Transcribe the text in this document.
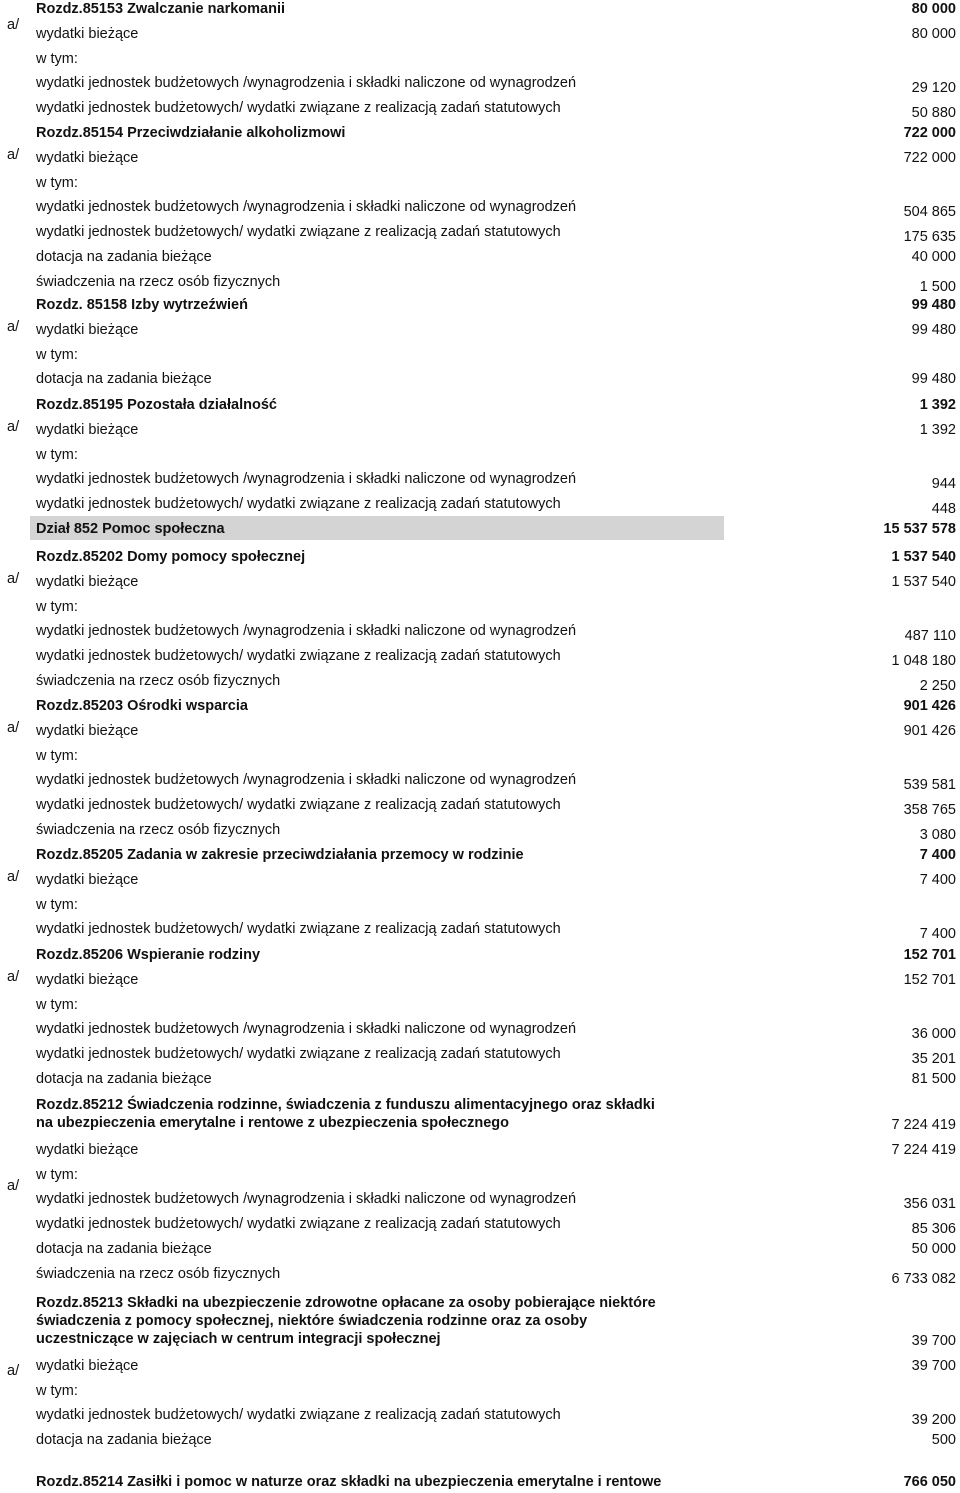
Rozdz.85153 Zwalczanie narkomanii	80 000
wydatki bieżące	80 000
w tym:
wydatki jednostek budżetowych /wynagrodzenia i składki naliczone od wynagrodzeń	29 120
wydatki jednostek budżetowych/ wydatki związane z realizacją zadań statutowych	50 880
a/
Rozdz.85154 Przeciwdziałanie alkoholizmowi	722 000
wydatki bieżące	722 000
w tym:
wydatki jednostek budżetowych /wynagrodzenia i składki naliczone od wynagrodzeń	504 865
wydatki jednostek budżetowych/ wydatki związane z realizacją zadań statutowych	175 635
dotacja na zadania bieżące	40 000
świadczenia na rzecz osób fizycznych	1 500
a/
Rozdz. 85158 Izby wytrzeźwień	99 480
wydatki bieżące	99 480
w tym:
dotacja na zadania bieżące	99 480
a/
Rozdz.85195 Pozostała działalność	1 392
wydatki bieżące	1 392
w tym:
wydatki jednostek budżetowych /wynagrodzenia i składki naliczone od wynagrodzeń	944
wydatki jednostek budżetowych/ wydatki związane z realizacją zadań statutowych	448
a/
Dział 852 Pomoc społeczna	15 537 578
Rozdz.85202 Domy pomocy społecznej	1 537 540
wydatki bieżące	1 537 540
w tym:
wydatki jednostek budżetowych /wynagrodzenia i składki naliczone od wynagrodzeń	487 110
wydatki jednostek budżetowych/ wydatki związane z realizacją zadań statutowych	1 048 180
świadczenia na rzecz osób fizycznych	2 250
a/
Rozdz.85203 Ośrodki wsparcia	901 426
wydatki bieżące	901 426
w tym:
wydatki jednostek budżetowych /wynagrodzenia i składki naliczone od wynagrodzeń	539 581
wydatki jednostek budżetowych/ wydatki związane z realizacją zadań statutowych	358 765
świadczenia na rzecz osób fizycznych	3 080
a/
Rozdz.85205 Zadania w zakresie przeciwdziałania przemocy w rodzinie	7 400
wydatki bieżące	7 400
w tym:
wydatki jednostek budżetowych/ wydatki związane z realizacją zadań statutowych	7 400
a/
Rozdz.85206 Wspieranie rodziny	152 701
wydatki bieżące	152 701
w tym:
wydatki jednostek budżetowych /wynagrodzenia i składki naliczone od wynagrodzeń	36 000
wydatki jednostek budżetowych/ wydatki związane z realizacją zadań statutowych	35 201
dotacja na zadania bieżące	81 500
a/
Rozdz.85212 Świadczenia rodzinne, świadczenia z funduszu alimentacyjnego oraz składki
na ubezpieczenia emerytalne i rentowe z ubezpieczenia społecznego	7 224 419
wydatki bieżące	7 224 419
w tym:
wydatki jednostek budżetowych /wynagrodzenia i składki naliczone od wynagrodzeń	356 031
wydatki jednostek budżetowych/ wydatki związane z realizacją zadań statutowych	85 306
dotacja na zadania bieżące	50 000
świadczenia na rzecz osób fizycznych	6 733 082
a/
Rozdz.85213 Składki na ubezpieczenie zdrowotne opłacane za osoby pobierające niektóre
świadczenia z pomocy społecznej, niektóre świadczenia rodzinne oraz za osoby
uczestniczące w zajęciach w centrum integracji społecznej	39 700
wydatki bieżące	39 700
w tym:
wydatki jednostek budżetowych/ wydatki związane z realizacją zadań statutowych	39 200
dotacja na zadania bieżące	500
a/
Rozdz.85214 Zasiłki i pomoc w naturze oraz składki na ubezpieczenia emerytalne i rentowe	766 050
